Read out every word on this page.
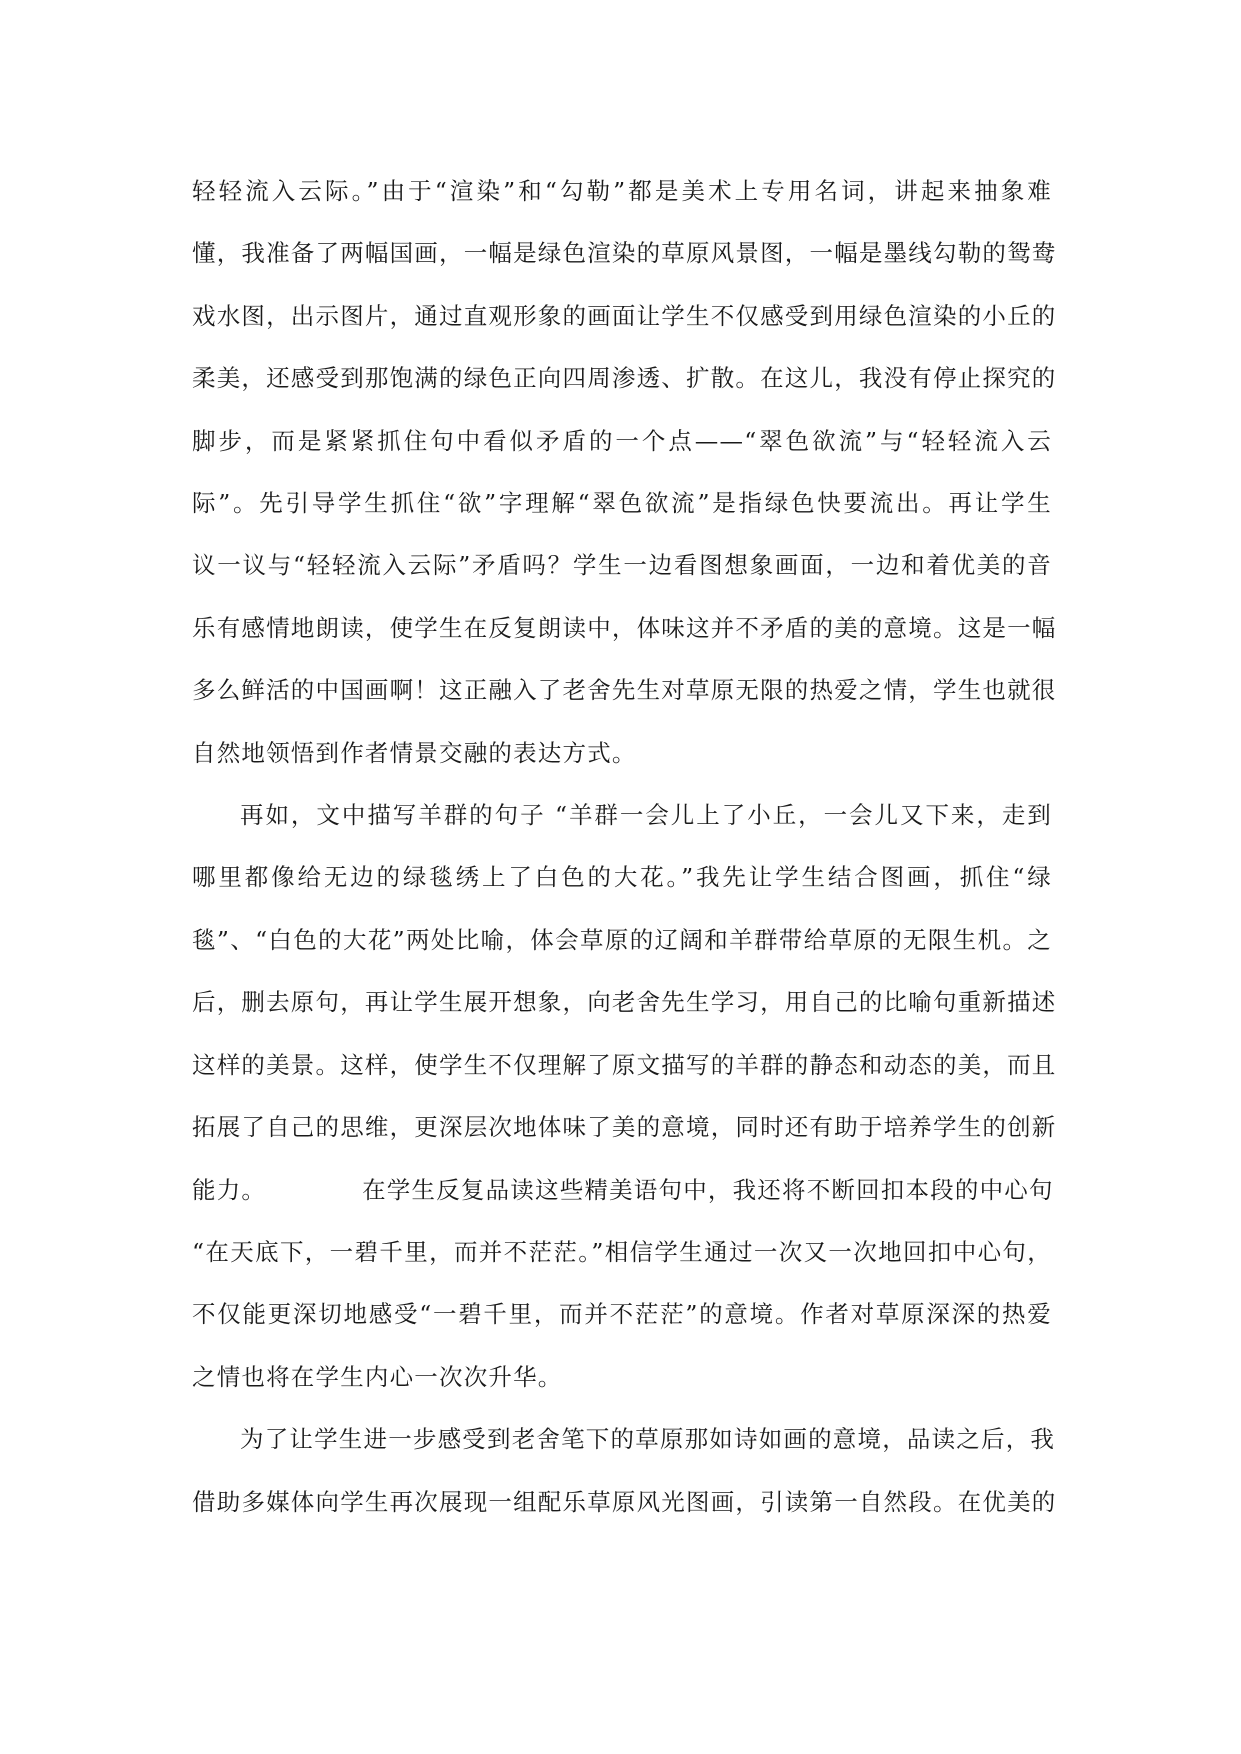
轻轻流入云际。”由于“渲染”和“勾勒”都是美术上专用名词，讲起来抽象难
懂，我准备了两幅国画，一幅是绿色渲染的草原风景图，一幅是墨线勾勒的鸳鸯
戏水图，出示图片，通过直观形象的画面让学生不仅感受到用绿色渲染的小丘的
柔美，还感受到那饱满的绿色正向四周渗透、扩散。在这儿，我没有停止探究的
脚步，而是紧紧抓住句中看似矛盾的一个点——“翠色欲流”与“轻轻流入云
际”。先引导学生抓住“欲”字理解“翠色欲流”是指绿色快要流出。再让学生
议一议与“轻轻流入云际”矛盾吗？学生一边看图想象画面，一边和着优美的音
乐有感情地朗读，使学生在反复朗读中，体味这并不矛盾的美的意境。这是一幅
多么鲜活的中国画啊！这正融入了老舍先生对草原无限的热爱之情，学生也就很
自然地领悟到作者情景交融的表达方式。
再如，文中描写羊群的句子 “羊群一会儿上了小丘，一会儿又下来，走到
哪里都像给无边的绿毯绣上了白色的大花。”我先让学生结合图画，抓住“绿
毯”、“白色的大花”两处比喻，体会草原的辽阔和羊群带给草原的无限生机。之
后，删去原句，再让学生展开想象，向老舍先生学习，用自己的比喻句重新描述
这样的美景。这样，使学生不仅理解了原文描写的羊群的静态和动态的美，而且
拓展了自己的思维，更深层次地体味了美的意境，同时还有助于培养学生的创新
能力。	在学生反复品读这些精美语句中，我还将不断回扣本段的中心句
“在天底下，一碧千里，而并不茫茫。”相信学生通过一次又一次地回扣中心句，
不仅能更深切地感受“一碧千里，而并不茫茫”的意境。作者对草原深深的热爱
之情也将在学生内心一次次升华。
为了让学生进一步感受到老舍笔下的草原那如诗如画的意境，品读之后，我
借助多媒体向学生再次展现一组配乐草原风光图画，引读第一自然段。在优美的
